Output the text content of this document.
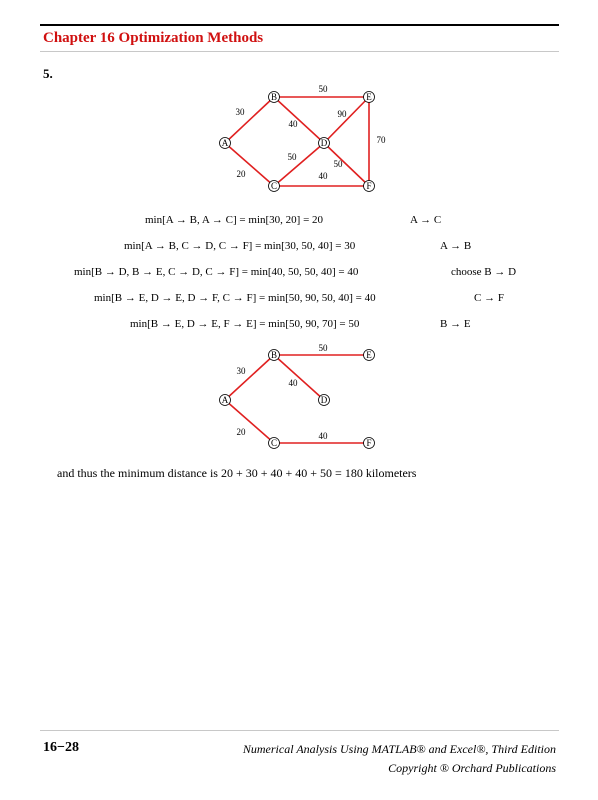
Chapter 16 Optimization Methods
5.
30
20
50
40
90
70
50
50
40
A
B
C
D
E
F
min[A → B, A → C] = min[30, 20] = 20	A → C
min[A → B, C → D, C → F] = min[30, 50, 40] = 30	A → B
min[B → D, B → E, C → D, C → F] = min[40, 50, 50, 40] = 40	choose B → D
min[B → E, D → E, D → F, C → F] = min[50, 90, 50, 40] = 40	C → F
min[B → E, D → E, F → E] = min[50, 90, 70] = 50	B → E
30
20
50
40
40
A
B
C
D
E
F
and thus the minimum distance is 20 + 30 + 40 + 40 + 50 = 180 kilometers
16−28	Numerical Analysis Using MATLAB® and Excel®, Third Edition
Copyright ® Orchard Publications
